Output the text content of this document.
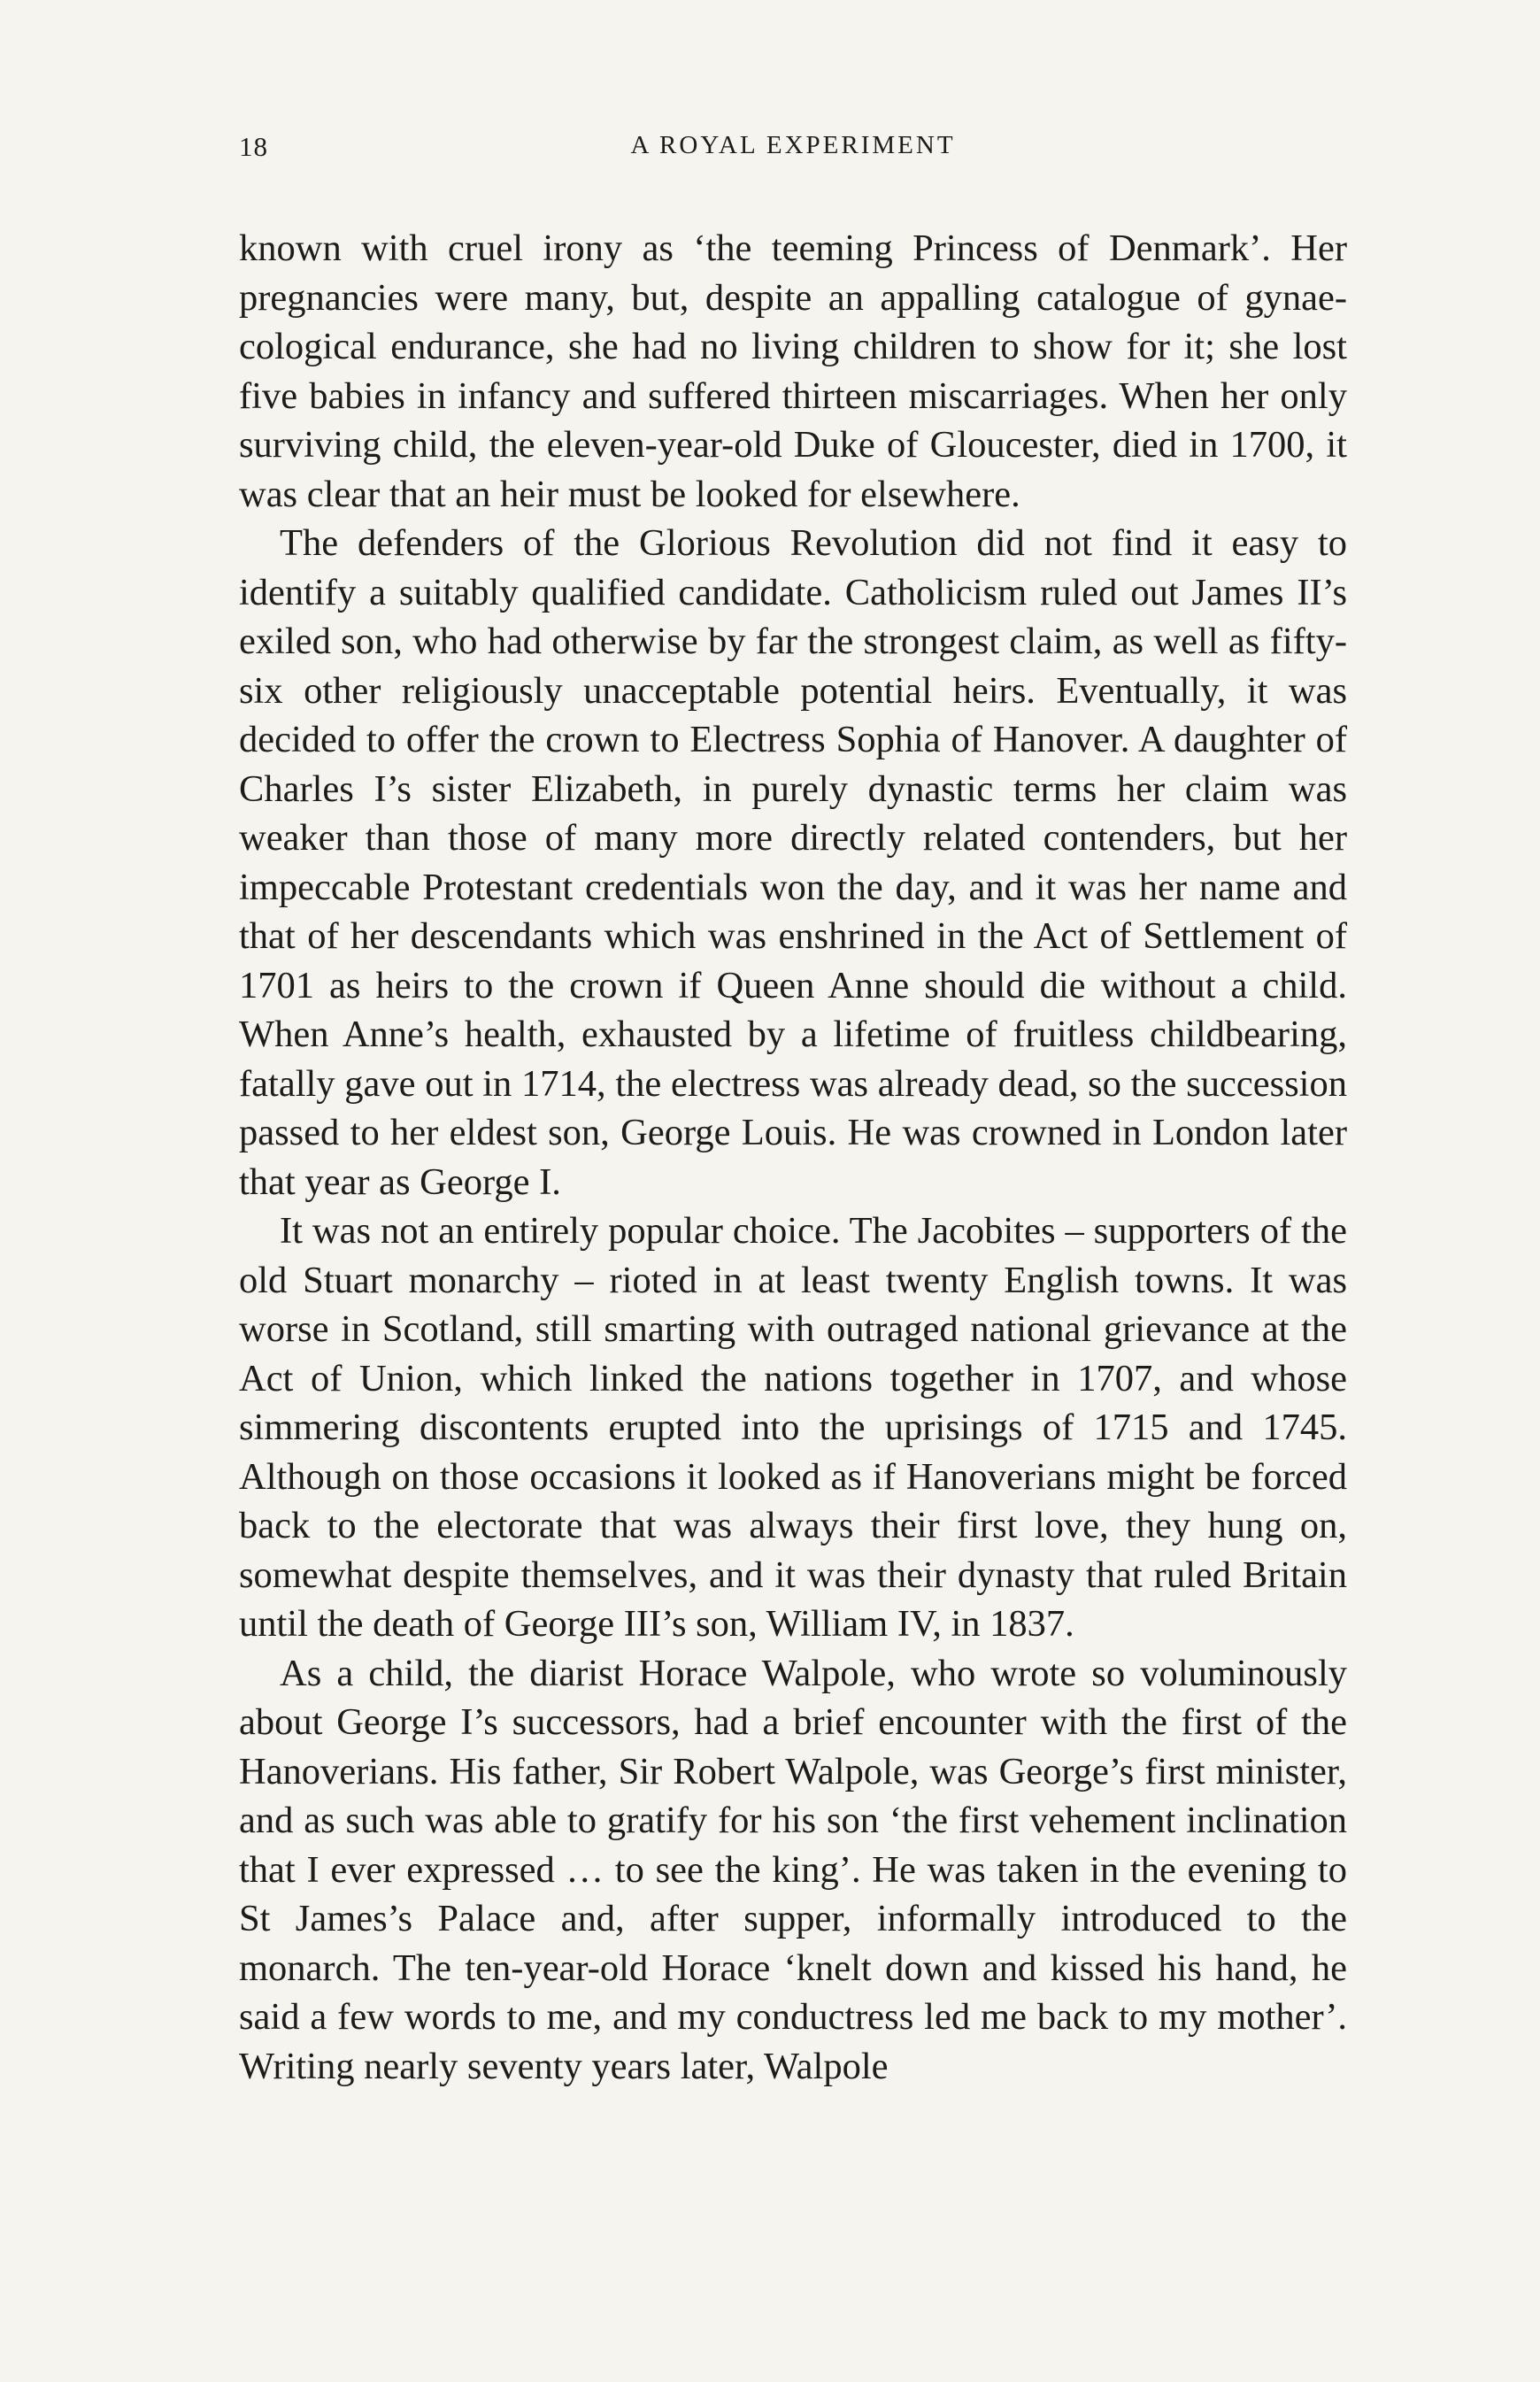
18	A ROYAL EXPERIMENT

known with cruel irony as ‘the teeming Princess of Denmark’. Her pregnancies were many, but, despite an appalling catalogue of gynaecological endurance, she had no living children to show for it; she lost five babies in infancy and suffered thirteen miscarriages. When her only surviving child, the eleven-year-old Duke of Gloucester, died in 1700, it was clear that an heir must be looked for elsewhere.

The defenders of the Glorious Revolution did not find it easy to identify a suitably qualified candidate. Catholicism ruled out James II’s exiled son, who had otherwise by far the strongest claim, as well as fifty-six other religiously unacceptable potential heirs. Eventually, it was decided to offer the crown to Electress Sophia of Hanover. A daughter of Charles I’s sister Elizabeth, in purely dynastic terms her claim was weaker than those of many more directly related contenders, but her impeccable Protestant credentials won the day, and it was her name and that of her descendants which was enshrined in the Act of Settlement of 1701 as heirs to the crown if Queen Anne should die without a child. When Anne’s health, exhausted by a lifetime of fruitless childbearing, fatally gave out in 1714, the electress was already dead, so the succession passed to her eldest son, George Louis. He was crowned in London later that year as George I.

It was not an entirely popular choice. The Jacobites – supporters of the old Stuart monarchy – rioted in at least twenty English towns. It was worse in Scotland, still smarting with outraged national grievance at the Act of Union, which linked the nations together in 1707, and whose simmering discontents erupted into the uprisings of 1715 and 1745. Although on those occasions it looked as if Hanoverians might be forced back to the electorate that was always their first love, they hung on, somewhat despite themselves, and it was their dynasty that ruled Britain until the death of George III’s son, William IV, in 1837.

As a child, the diarist Horace Walpole, who wrote so voluminously about George I’s successors, had a brief encounter with the first of the Hanoverians. His father, Sir Robert Walpole, was George’s first minister, and as such was able to gratify for his son ‘the first vehement inclination that I ever expressed … to see the king’. He was taken in the evening to St James’s Palace and, after supper, informally introduced to the monarch. The ten-year-old Horace ‘knelt down and kissed his hand, he said a few words to me, and my conductress led me back to my mother’. Writing nearly seventy years later, Walpole
